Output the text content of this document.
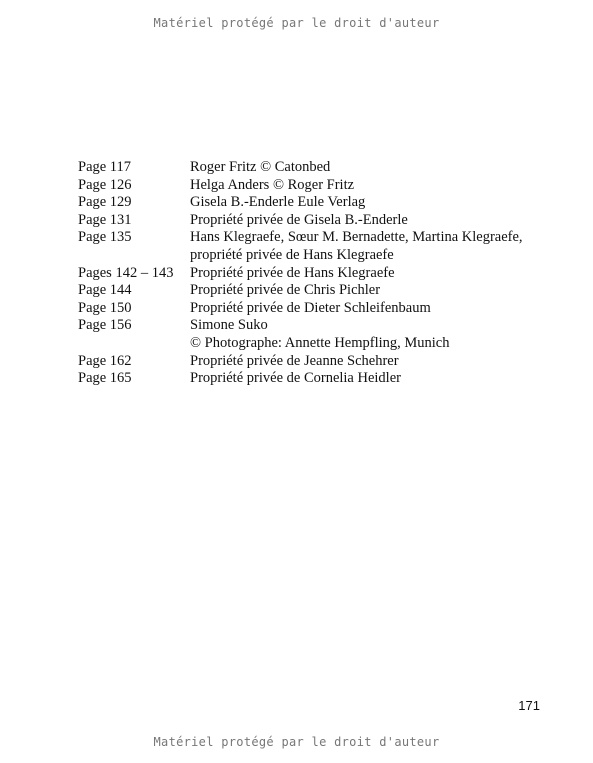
Matériel protégé par le droit d'auteur
Page 117	Roger Fritz © Catonbed
Page 126	Helga Anders © Roger Fritz
Page 129	Gisela B.-Enderle Eule Verlag
Page 131	Propriété privée de Gisela B.-Enderle
Page 135	Hans Klegraefe, Sœur M. Bernadette, Martina Klegraefe,
propriété privée de Hans Klegraefe
Pages 142 – 143	Propriété privée de Hans Klegraefe
Page 144	Propriété privée de Chris Pichler
Page 150	Propriété privée de Dieter Schleifenbaum
Page 156	Simone Suko
© Photographe: Annette Hempfling, Munich
Page 162	Propriété privée de Jeanne Schehrer
Page 165	Propriété privée de Cornelia Heidler
171
Matériel protégé par le droit d'auteur
